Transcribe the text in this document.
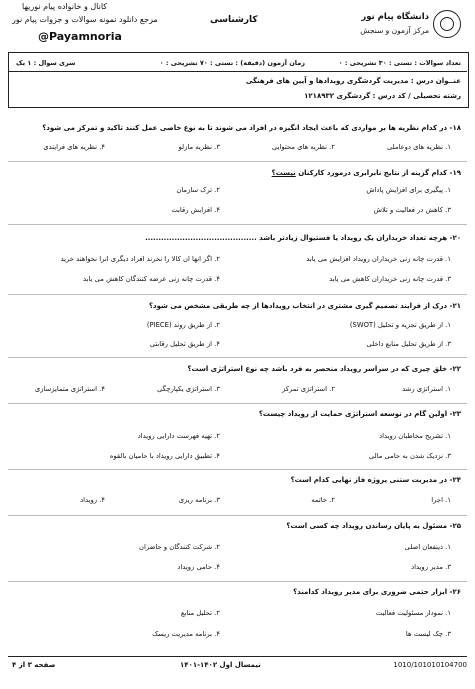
دانشگاه پیام نور
مرکز آزمون و سنجش
کارشناسی
کانال و خانواده پیام نوریها
مرجع دانلود نمونه سوالات و جزوات پیام نور
@Payamnoria
تعداد سوالات : تستی : ۳۰ تشریحی : ۰
زمان آزمون (دقیقه) : تستی : ۷۰ تشریحی : ۰
سری سوال : ۱ یک
عنــوان درس : مدیریت گردشگری رویدادها و آیین های فرهنگی
رشته تحصیلی / کد درس : گردشگری ۱۲۱۸۹۳۲
۱۸- در کدام نظریه ها بر مواردی که باعث ایجاد انگیزه در افراد می شوند تا به نوع خاصی عمل کنند تاکید و تمرکز می شود؟
۱. نظریه های دوعاملی
۲. نظریه های محتوایی
۳. نظریه مازلو
۴. نظریه های فرایندی
۱۹- کدام گزینه از نتایج نابرابری درمورد کارکنان نیست؟
۱. پیگیری برای افزایش پاداش
۲. ترک سازمان
۳. کاهش در فعالیت و تلاش
۴. افزایش رقابت
۲۰- هرچه تعداد خریداران یک رویداد یا فستیوال زیادتر باشد ..........................................
۱. قدرت چانه زنی خریداران رویداد افزایش می یابد
۲. اگر انها ان کالا را نخرند افراد دیگری انرا نخواهند خرید
۳. قدرت چانه زنی خریداران کاهش می یابد
۴. قدرت چانه زنی عرضه کنندگان کاهش می یابد
۲۱- درک از فرایند تصمیم گیری مشتری در انتخاب رویدادها از چه طریقی مشخص می شود؟
۱. از طریق تجزیه و تحلیل (SWOT)
۲. از طریق روند (PIECE)
۳. از طریق تحلیل منابع داخلی
۴. از طریق تحلیل رقابتی
۲۲- خلق چیزی که در سراسر رویداد منحصر به فرد باشد چه نوع استراتژی است؟
۱. استراتژی رشد
۲. استراتژی تمرکز
۳. استراتژی یکپارچگی
۴. استراتژی متمایزسازی
۲۳- اولین گام در توسعه استراتژی حمایت از رویداد چیست؟
۱. تشریح مخاطبان رویداد
۲. تهیه فهرست دارایی رویداد
۳. نزدیک شدن به حامی مالی
۴. تطبیق دارایی رویداد با حامیان بالقوه
۲۴- در مدیریت ستنی پروژه فاز نهایی کدام است؟
۱. اجرا
۲. خاتمه
۳. برنامه ریزی
۴. رویداد
۲۵- مسئول به پایان رساندن رویداد چه کسی است؟
۱. ذینفعان اصلی
۲. شرکت کنندگان و حاضران
۳. مدیر رویداد
۴. حامی رویداد
۲۶- ابزار حتمی ضروری برای مدیر رویداد کدامند؟
۱. نمودار مسئولیت فعالیت
۲. تحلیل منابع
۳. چک لیست ها
۴. برنامه مدیریت ریسک
صفحه ۳ از ۴	نیمسال اول ۱۴۰۲-۱۴۰۱	1010/101010104700
